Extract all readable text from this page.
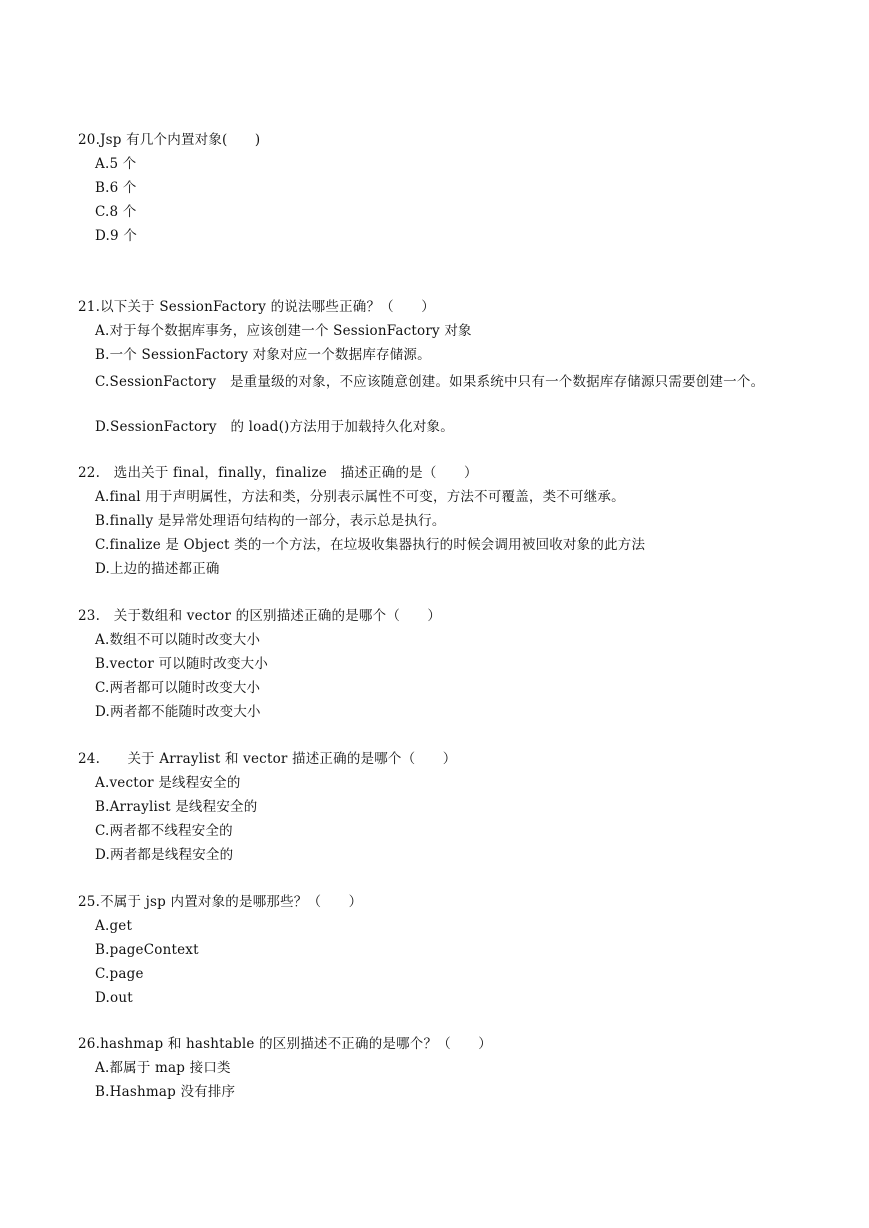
20.Jsp 有几个内置对象(　　)
A.5 个
B.6 个
C.8 个
D.9 个
21.以下关于 SessionFactory 的说法哪些正确？（　　）
A.对于每个数据库事务，应该创建一个 SessionFactory 对象
B.一个 SessionFactory 对象对应一个数据库存储源。
C.SessionFactory　是重量级的对象，不应该随意创建。如果系统中只有一个数据库存储源只需要创建一个。
D.SessionFactory　的 load()方法用于加载持久化对象。
22.　选出关于 final，finally，finalize　描述正确的是（　　）
A.final 用于声明属性，方法和类，分别表示属性不可变，方法不可覆盖，类不可继承。
B.finally 是异常处理语句结构的一部分，表示总是执行。
C.finalize 是 Object 类的一个方法，在垃圾收集器执行的时候会调用被回收对象的此方法
D.上边的描述都正确
23.　关于数组和 vector 的区别描述正确的是哪个（　　）
A.数组不可以随时改变大小
B.vector 可以随时改变大小
C.两者都可以随时改变大小
D.两者都不能随时改变大小
24.　　关于 Arraylist 和 vector 描述正确的是哪个（　　）
A.vector 是线程安全的
B.Arraylist 是线程安全的
C.两者都不线程安全的
D.两者都是线程安全的
25.不属于 jsp 内置对象的是哪那些？（　　）
A.get
B.pageContext
C.page
D.out
26.hashmap 和 hashtable 的区别描述不正确的是哪个？（　　）
A.都属于 map 接口类
B.Hashmap 没有排序
